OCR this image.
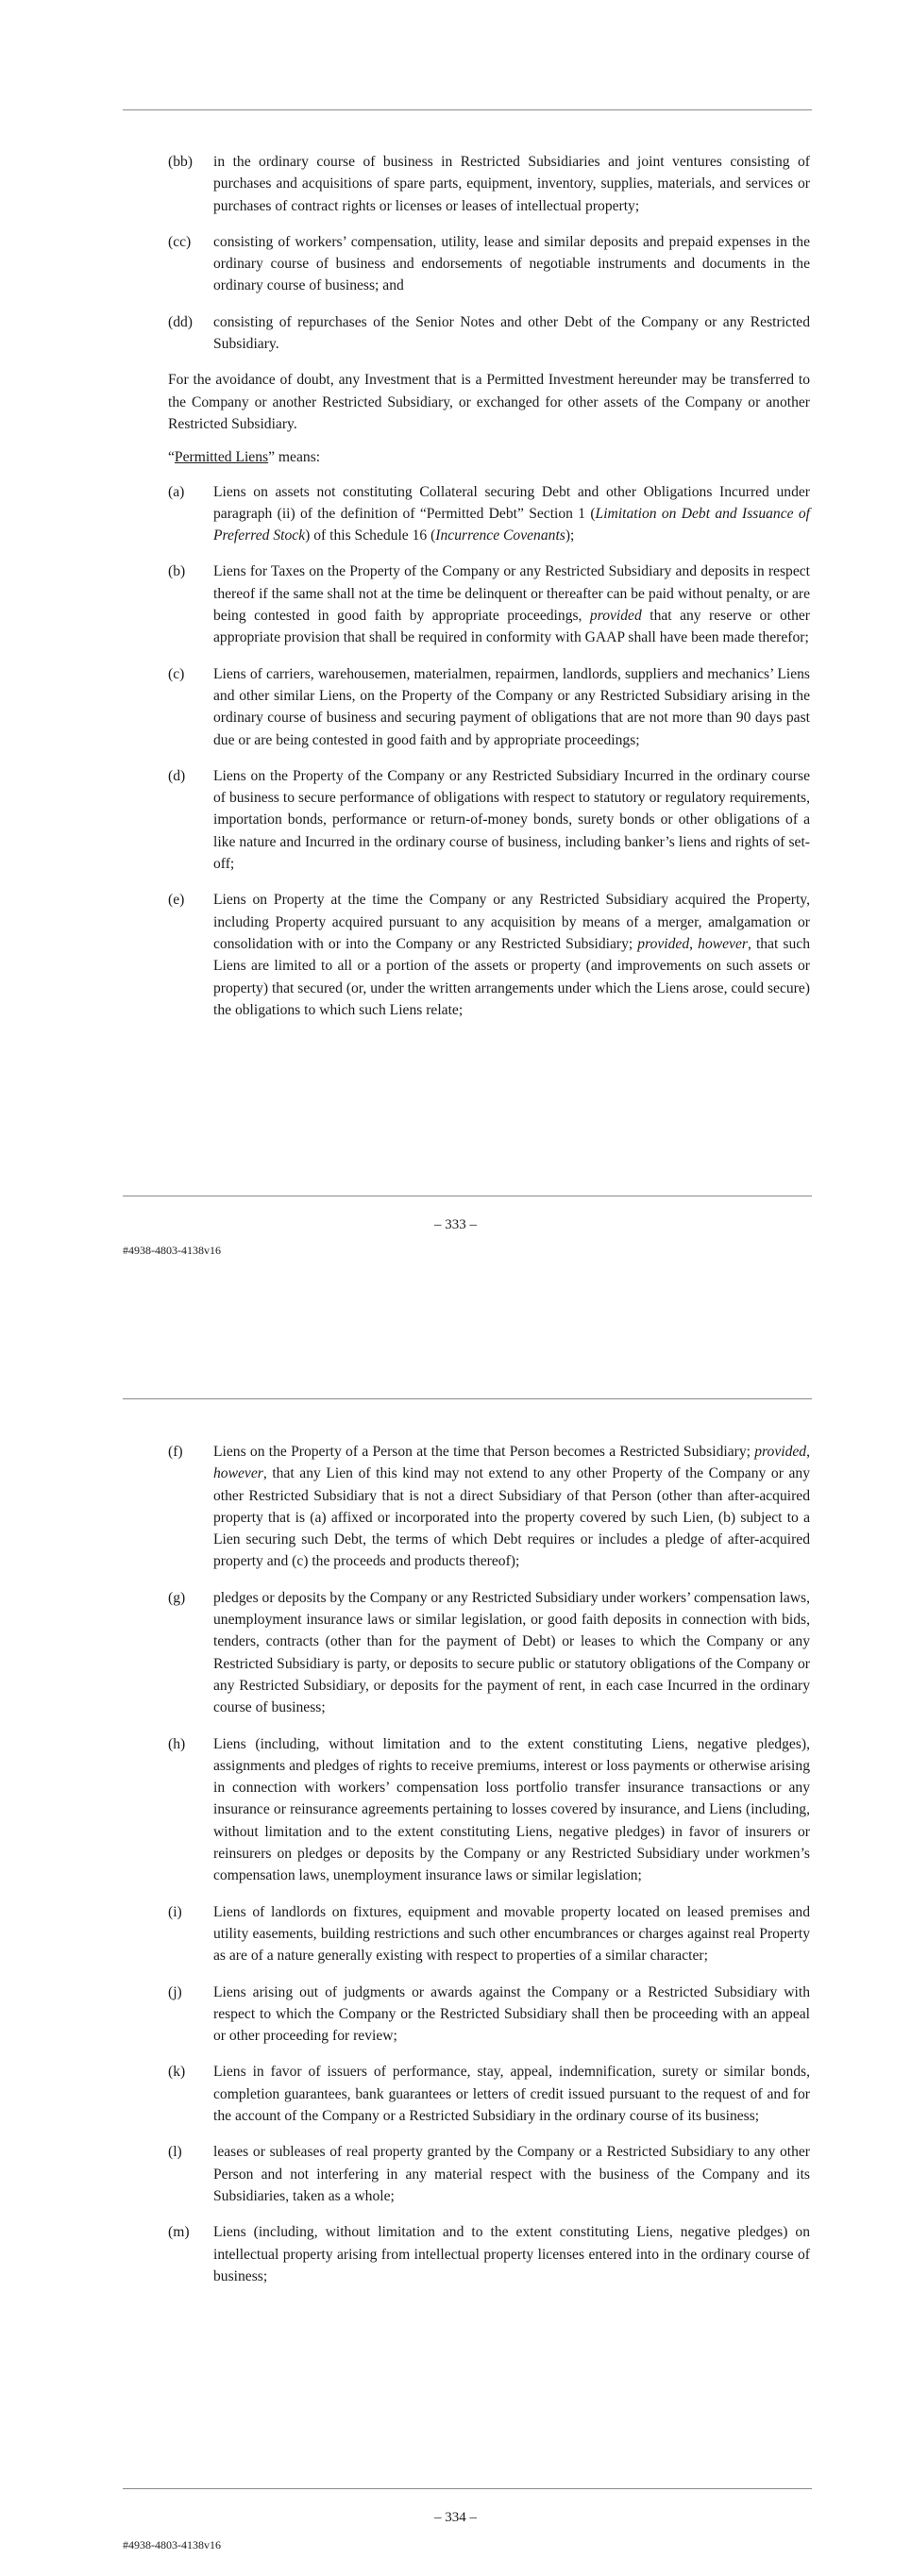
(bb) in the ordinary course of business in Restricted Subsidiaries and joint ventures consisting of purchases and acquisitions of spare parts, equipment, inventory, supplies, materials, and services or purchases of contract rights or licenses or leases of intellectual property;
(cc) consisting of workers’ compensation, utility, lease and similar deposits and prepaid expenses in the ordinary course of business and endorsements of negotiable instruments and documents in the ordinary course of business; and
(dd) consisting of repurchases of the Senior Notes and other Debt of the Company or any Restricted Subsidiary.

For the avoidance of doubt, any Investment that is a Permitted Investment hereunder may be transferred to the Company or another Restricted Subsidiary, or exchanged for other assets of the Company or another Restricted Subsidiary.

“Permitted Liens” means:

(a) Liens on assets not constituting Collateral securing Debt and other Obligations Incurred under paragraph (ii) of the definition of “Permitted Debt” Section 1 (Limitation on Debt and Issuance of Preferred Stock) of this Schedule 16 (Incurrence Covenants);
(b) Liens for Taxes on the Property of the Company or any Restricted Subsidiary and deposits in respect thereof if the same shall not at the time be delinquent or thereafter can be paid without penalty, or are being contested in good faith by appropriate proceedings, provided that any reserve or other appropriate provision that shall be required in conformity with GAAP shall have been made therefor;
(c) Liens of carriers, warehousemen, materialmen, repairmen, landlords, suppliers and mechanics’ Liens and other similar Liens, on the Property of the Company or any Restricted Subsidiary arising in the ordinary course of business and securing payment of obligations that are not more than 90 days past due or are being contested in good faith and by appropriate proceedings;
(d) Liens on the Property of the Company or any Restricted Subsidiary Incurred in the ordinary course of business to secure performance of obligations with respect to statutory or regulatory requirements, importation bonds, performance or return-of-money bonds, surety bonds or other obligations of a like nature and Incurred in the ordinary course of business, including banker’s liens and rights of set-off;
(e) Liens on Property at the time the Company or any Restricted Subsidiary acquired the Property, including Property acquired pursuant to any acquisition by means of a merger, amalgamation or consolidation with or into the Company or any Restricted Subsidiary; provided, however, that such Liens are limited to all or a portion of the assets or property (and improvements on such assets or property) that secured (or, under the written arrangements under which the Liens arose, could secure) the obligations to which such Liens relate;
– 333 –
#4938-4803-4138v16
(f) Liens on the Property of a Person at the time that Person becomes a Restricted Subsidiary; provided, however, that any Lien of this kind may not extend to any other Property of the Company or any other Restricted Subsidiary that is not a direct Subsidiary of that Person (other than after-acquired property that is (a) affixed or incorporated into the property covered by such Lien, (b) subject to a Lien securing such Debt, the terms of which Debt requires or includes a pledge of after-acquired property and (c) the proceeds and products thereof);
(g) pledges or deposits by the Company or any Restricted Subsidiary under workers’ compensation laws, unemployment insurance laws or similar legislation, or good faith deposits in connection with bids, tenders, contracts (other than for the payment of Debt) or leases to which the Company or any Restricted Subsidiary is party, or deposits to secure public or statutory obligations of the Company or any Restricted Subsidiary, or deposits for the payment of rent, in each case Incurred in the ordinary course of business;
(h) Liens (including, without limitation and to the extent constituting Liens, negative pledges), assignments and pledges of rights to receive premiums, interest or loss payments or otherwise arising in connection with workers’ compensation loss portfolio transfer insurance transactions or any insurance or reinsurance agreements pertaining to losses covered by insurance, and Liens (including, without limitation and to the extent constituting Liens, negative pledges) in favor of insurers or reinsurers on pledges or deposits by the Company or any Restricted Subsidiary under workmen’s compensation laws, unemployment insurance laws or similar legislation;
(i) Liens of landlords on fixtures, equipment and movable property located on leased premises and utility easements, building restrictions and such other encumbrances or charges against real Property as are of a nature generally existing with respect to properties of a similar character;
(j) Liens arising out of judgments or awards against the Company or a Restricted Subsidiary with respect to which the Company or the Restricted Subsidiary shall then be proceeding with an appeal or other proceeding for review;
(k) Liens in favor of issuers of performance, stay, appeal, indemnification, surety or similar bonds, completion guarantees, bank guarantees or letters of credit issued pursuant to the request of and for the account of the Company or a Restricted Subsidiary in the ordinary course of its business;
(l) leases or subleases of real property granted by the Company or a Restricted Subsidiary to any other Person and not interfering in any material respect with the business of the Company and its Subsidiaries, taken as a whole;
(m) Liens (including, without limitation and to the extent constituting Liens, negative pledges) on intellectual property arising from intellectual property licenses entered into in the ordinary course of business;
– 334 –
#4938-4803-4138v16
